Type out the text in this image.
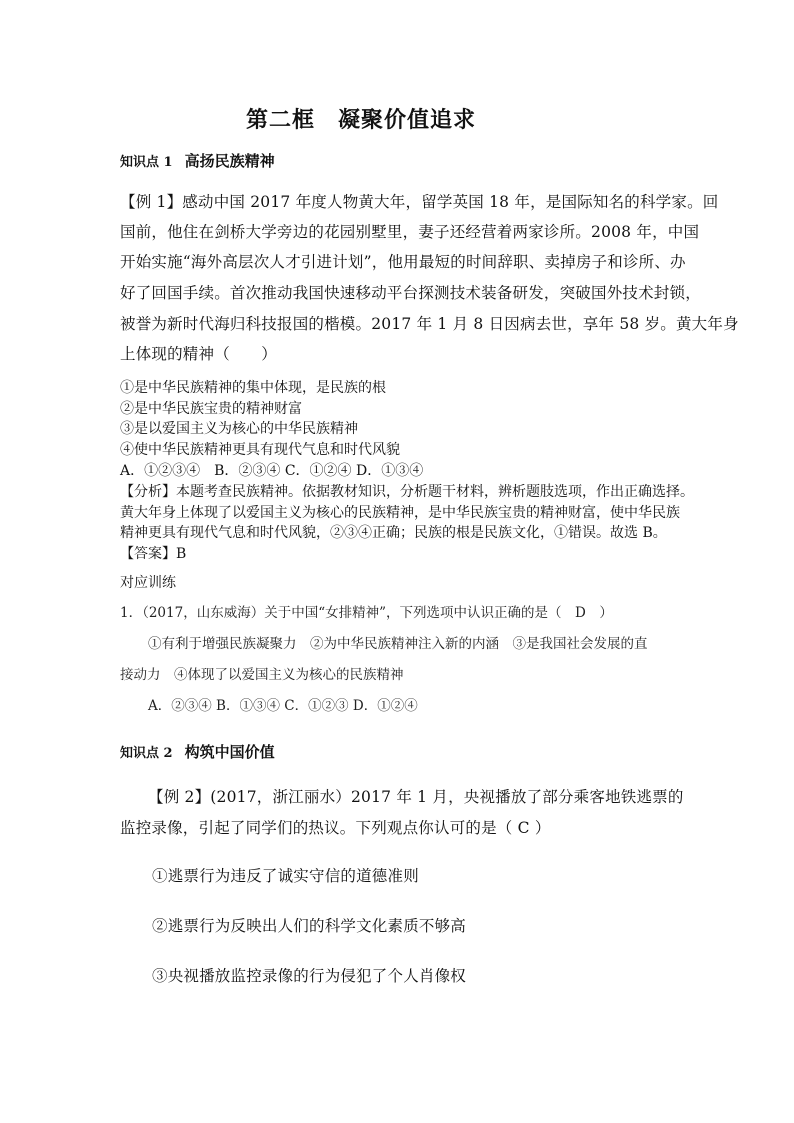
第二框　凝聚价值追求
知识点 1 高扬民族精神
【例 1】感动中国 2017 年度人物黄大年，留学英国 18 年，是国际知名的科学家。回
国前，他住在剑桥大学旁边的花园别墅里，妻子还经营着两家诊所。2008 年，中国
开始实施“海外高层次人才引进计划”，他用最短的时间辞职、卖掉房子和诊所、办
好了回国手续。首次推动我国快速移动平台探测技术装备研发，突破国外技术封锁，
被誉为新时代海归科技报国的楷模。2017 年 1 月 8 日因病去世，享年 58 岁。黄大年身
上体现的精神（　　）
①是中华民族精神的集中体现，是民族的根
②是中华民族宝贵的精神财富
③是以爱国主义为核心的中华民族精神
④使中华民族精神更具有现代气息和时代风貌
A．①②③④　B．②③④ C．①②④ D．①③④
【分析】本题考查民族精神。依据教材知识，分析题干材料，辨析题肢选项，作出正确选择。
黄大年身上体现了以爱国主义为核心的民族精神，是中华民族宝贵的精神财富，使中华民族
精神更具有现代气息和时代风貌，②③④正确；民族的根是民族文化，①错误。故选 B。
【答案】B
对应训练
1．（2017，山东威海）关于中国“女排精神”，下列选项中认识正确的是（　D　）
①有利于增强民族凝聚力　②为中华民族精神注入新的内涵　③是我国社会发展的直
接动力　④体现了以爱国主义为核心的民族精神
A．②③④ B．①③④ C．①②③ D．①②④
知识点 2 构筑中国价值
【例 2】(2017，浙江丽水）2017 年 1 月，央视播放了部分乘客地铁逃票的
监控录像，引起了同学们的热议。下列观点你认可的是（ C ）
①逃票行为违反了诚实守信的道德准则
②逃票行为反映出人们的科学文化素质不够高
③央视播放监控录像的行为侵犯了个人肖像权
